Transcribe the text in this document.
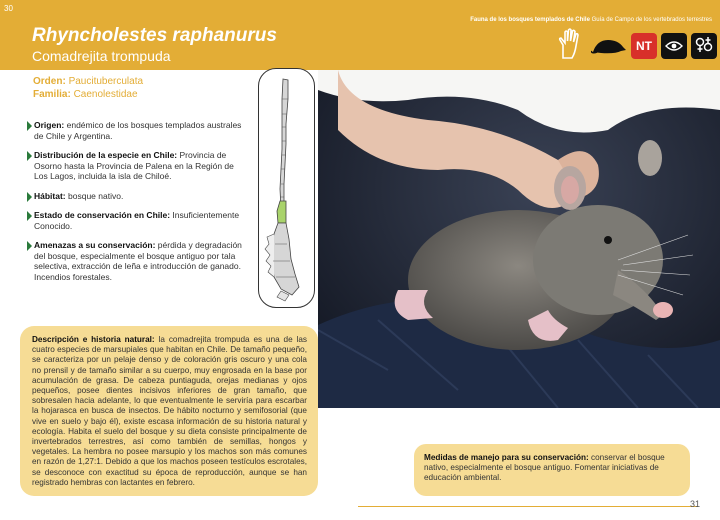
30
Rhyncholestes raphanurus
Comadrejita trompuda
Fauna de los bosques templados de Chile Guía de Campo de los vertebrados terrestres
NT
Orden: Paucituberculata
Familia: Caenolestidae
Origen: endémico de los bosques templados australes de Chile y Argentina.
Distribución de la especie en Chile: Provincia de Osorno hasta la Provincia de Palena en la Región de Los Lagos, incluida la isla de Chiloé.
Hábitat: bosque nativo.
Estado de conservación en Chile: Insuficientemente Conocido.
Amenazas a su conservación: pérdida y degradación del bosque, especialmente el bosque antiguo por tala selectiva, extracción de leña e introducción de ganado. Incendios forestales.
Descripción e historia natural: la comadrejita trompuda es una de las cuatro especies de marsupiales que habitan en Chile. De tamaño pequeño, se caracteriza por un pelaje denso y de coloración gris oscuro y una cola no prensil y de tamaño similar a su cuerpo, muy engrosada en la base por acumulación de grasa. De cabeza puntiaguda, orejas medianas y ojos pequeños, posee dientes incisivos inferiores de gran tamaño, que sobresalen hacia adelante, lo que eventualmente le serviría para escarbar la hojarasca en busca de insectos. De hábito nocturno y semifosorial (que vive en suelo y bajo él), existe escasa información de su historia natural y ecología. Habita el suelo del bosque y su dieta consiste principalmente de invertebrados terrestres, así como también de semillas, hongos y vegetales. La hembra no posee marsupio y los machos son más comunes en razón de 1,27:1. Debido a que los machos poseen testículos escrotales, se desconoce con exactitud su época de reproducción, aunque se han registrado hembras con lactantes en febrero.
Medidas de manejo para su conservación: conservar el bosque nativo, especialmente el bosque antiguo. Fomentar iniciativas de educación ambiental.
31
